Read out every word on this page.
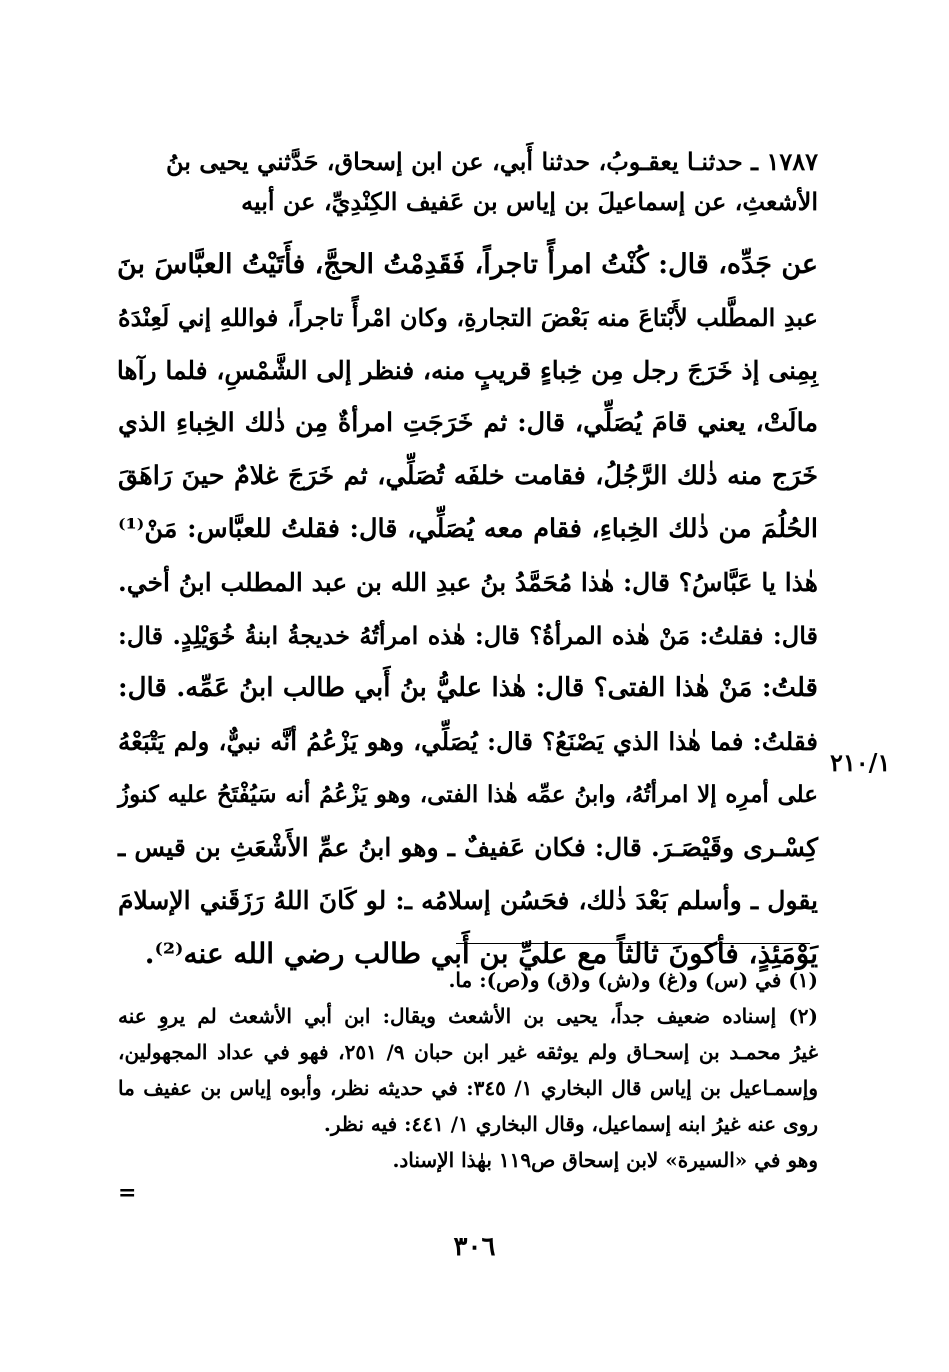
١٧٨٧ ـ حدثنـا يعقـوبُ، حدثنا أَبي، عن ابن إسحاق، حَدَّثني يحيى بنُ
الأشعثِ، عن إسماعيلَ بن إياس بن عَفيف الكِنْدِيِّ، عن أبيه
عن جَدِّه، قال: كُنْتُ امرأً تاجراً، فَقَدِمْتُ الحجَّ، فأَتَيْتُ العبَّاسَ بنَ
عبدِ المطَّلب لأَبْتاعَ منه بَعْضَ التجارةِ، وكان امْرأً تاجراً، فواللهِ إني لَعِنْدَهُ
بِمِنى إذ خَرَجَ رجل مِن خِباءٍ قريبٍ منه، فنظر إلى الشَّمْسِ، فلما رآها
مالَتْ، يعني قامَ يُصَلِّي، قال: ثم خَرَجَتِ امرأةٌ مِن ذٰلك الخِباءِ الذي
خَرَج منه ذٰلك الرَّجُلُ، فقامت خلفَه تُصَلِّي، ثم خَرَجَ غلامٌ حينَ رَاهَقَ
الحُلُمَ من ذٰلك الخِباءِ، فقام معه يُصَلِّي، قال: فقلتُ للعبَّاس: مَنْ⁽¹⁾
هٰذا يا عَبَّاسُ؟ قال: هٰذا مُحَمَّدُ بنُ عبدِ الله بن عبد المطلب ابنُ أخي.
قال: فقلتُ: مَنْ هٰذه المرأةُ؟ قال: هٰذه امرأتُهُ خديجةُ ابنةُ خُوَيْلِدٍ. قال:
قلتُ: مَنْ هٰذا الفتى؟ قال: هٰذا عليُّ بنُ أَبي طالب ابنُ عَمِّه. قال:
فقلتُ: فما هٰذا الذي يَصْنَعُ؟ قال: يُصَلِّي، وهو يَزْعُمُ أنَّه نبيٌّ، ولم يَتْبَعْهُ
على أمرِه إلا امرأتُهُ، وابنُ عمِّه هٰذا الفتى، وهو يَزْعُمُ أنه سَيُفْتَحُ عليه كنوزُ
كِسْـرى وقَيْصَـرَ. قال: فكان عَفيفٌ ـ وهو ابنُ عمِّ الأَشْعَثِ بن قيس ـ
يقول ـ وأسلم بَعْدَ ذٰلك، فحَسُن إسلامُه ـ: لو كَانَ اللهُ رَزَقَني الإسلامَ
يَوْمَئِذٍ، فأكونَ ثالثاً مع عليِّ بن أَبي طالب رضي الله عنه⁽²⁾.
٢١٠/١
(١) في (س) و(غ) و(ش) و(ق) و(ص): ما.
(٢) إسناده ضعيف جداً، يحيى بن الأشعث ويقال: ابن أبي الأشعث لم يروِ عنه
غيرُ محمـد بن إسحـاق ولم يوثقه غير ابن حبان ٩/ ٢٥١، فهو في عداد المجهولين،
وإسمـاعيل بن إياس قال البخاري ١/ ٣٤٥: في حديثه نظر، وأبوه إياس بن عفيف ما
روى عنه غيرُ ابنه إسماعيل، وقال البخاري ١/ ٤٤١: فيه نظر.
وهو في «السيرة» لابن إسحاق ص١١٩ بهٰذا الإسناد.
=
٣٠٦
